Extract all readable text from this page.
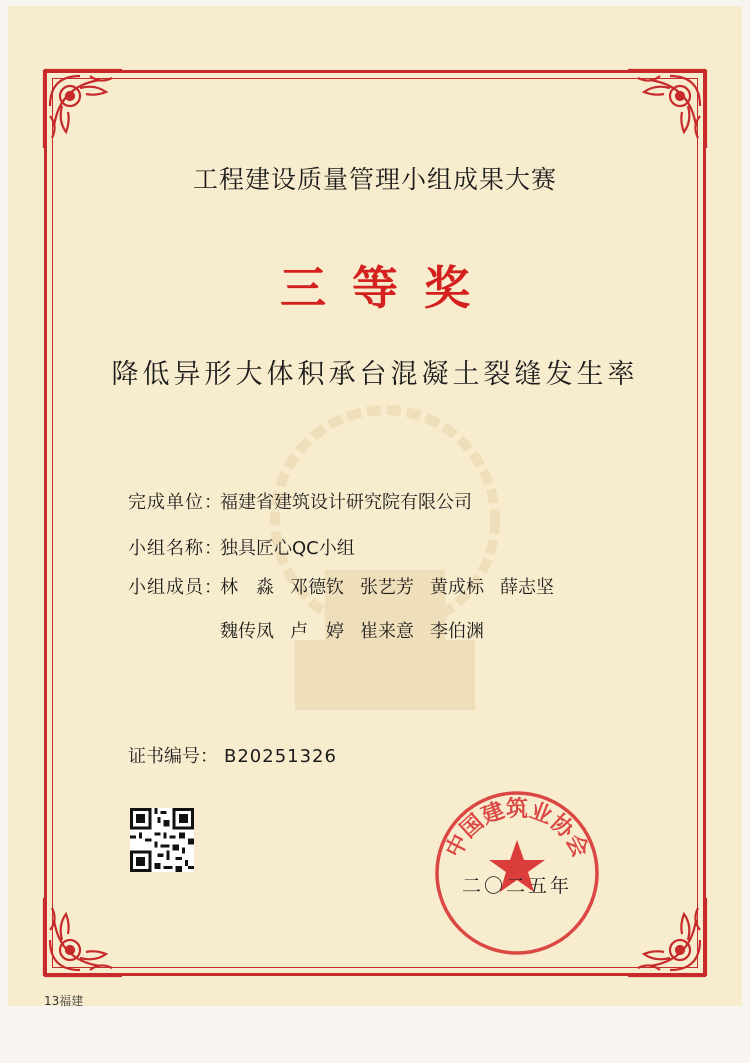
工程建设质量管理小组成果大赛
三等奖
降低异形大体积承台混凝土裂缝发生率
完成单位：福建省建筑设计研究院有限公司
小组名称：独具匠心QC小组
小组成员：林　淼 邓德钦 张艺芳 黄成标 薛志坚
魏传凤 卢　婷 崔来意 李伯渊
证书编号： B20251326
中国建筑业协会
二〇二五年
13福建
